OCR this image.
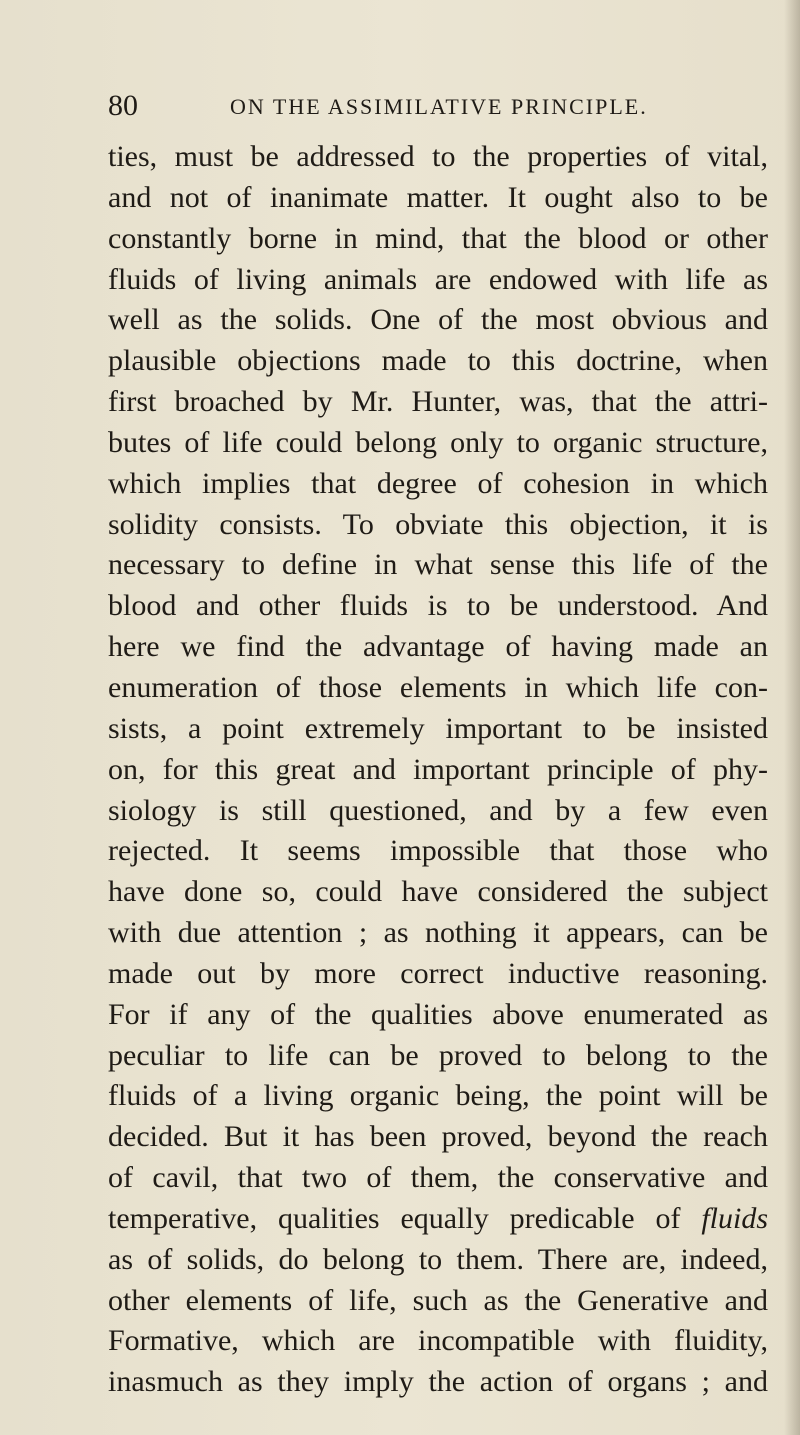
80	ON THE ASSIMILATIVE PRINCIPLE.
ties, must be addressed to the properties of vital,
and not of inanimate matter. It ought also to be
constantly borne in mind, that the blood or other
fluids of living animals are endowed with life as
well as the solids. One of the most obvious and
plausible objections made to this doctrine, when
first broached by Mr. Hunter, was, that the attri-
butes of life could belong only to organic structure,
which implies that degree of cohesion in which
solidity consists. To obviate this objection, it is
necessary to define in what sense this life of the
blood and other fluids is to be understood. And
here we find the advantage of having made an
enumeration of those elements in which life con-
sists, a point extremely important to be insisted
on, for this great and important principle of phy-
siology is still questioned, and by a few even
rejected. It seems impossible that those who
have done so, could have considered the subject
with due attention ; as nothing it appears, can be
made out by more correct inductive reasoning.
For if any of the qualities above enumerated as
peculiar to life can be proved to belong to the
fluids of a living organic being, the point will be
decided. But it has been proved, beyond the reach
of cavil, that two of them, the conservative and
temperative, qualities equally predicable of fluids
as of solids, do belong to them. There are, indeed,
other elements of life, such as the Generative and
Formative, which are incompatible with fluidity,
inasmuch as they imply the action of organs ; and
